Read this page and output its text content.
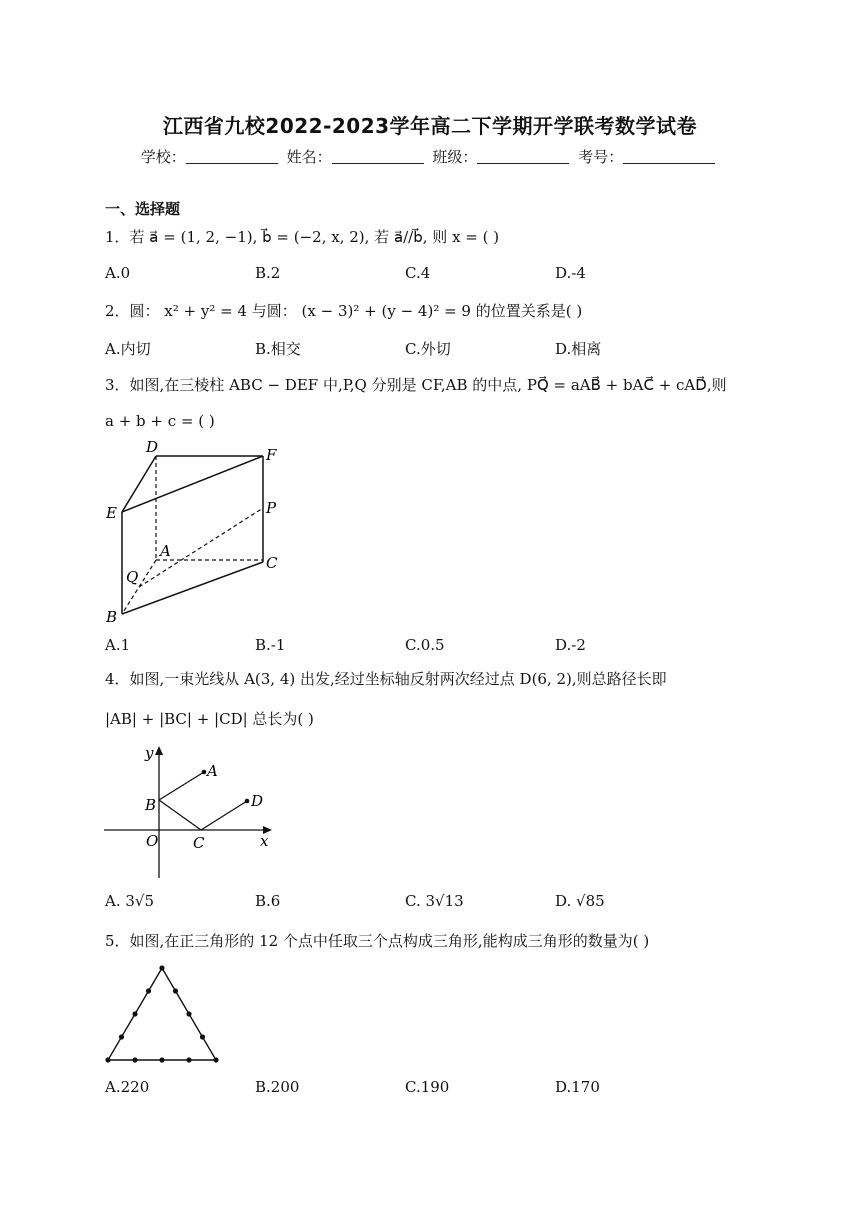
江西省九校2022-2023学年高二下学期开学联考数学试卷
学校：	姓名：	班级：	考号：
一、选择题
1．若 a⃗ = (1, 2, −1), b⃗ = (−2, x, 2), 若 a⃗//b⃗, 则 x = ( )
A.0	B.2	C.4	D.-4
2．圆： x² + y² = 4 与圆： (x − 3)² + (y − 4)² = 9 的位置关系是( )
A.内切	B.相交	C.外切	D.相离
3．如图,在三棱柱 ABC − DEF 中,P,Q 分别是 CF,AB 的中点, PQ⃗ = aAB⃗ + bAC⃗ + cAD⃗,则
a + b + c = ( )
D	F
E	P
A
C
Q
B
A.1	B.-1	C.0.5	D.-2
4．如图,一束光线从 A(3, 4) 出发,经过坐标轴反射两次经过点 D(6, 2),则总路径长即
|AB| + |BC| + |CD| 总长为( )
y
A
B	D
O C	x
A. 3√5	B.6	C. 3√13	D. √85
5．如图,在正三角形的 12 个点中任取三个点构成三角形,能构成三角形的数量为( )
A.220	B.200	C.190	D.170
